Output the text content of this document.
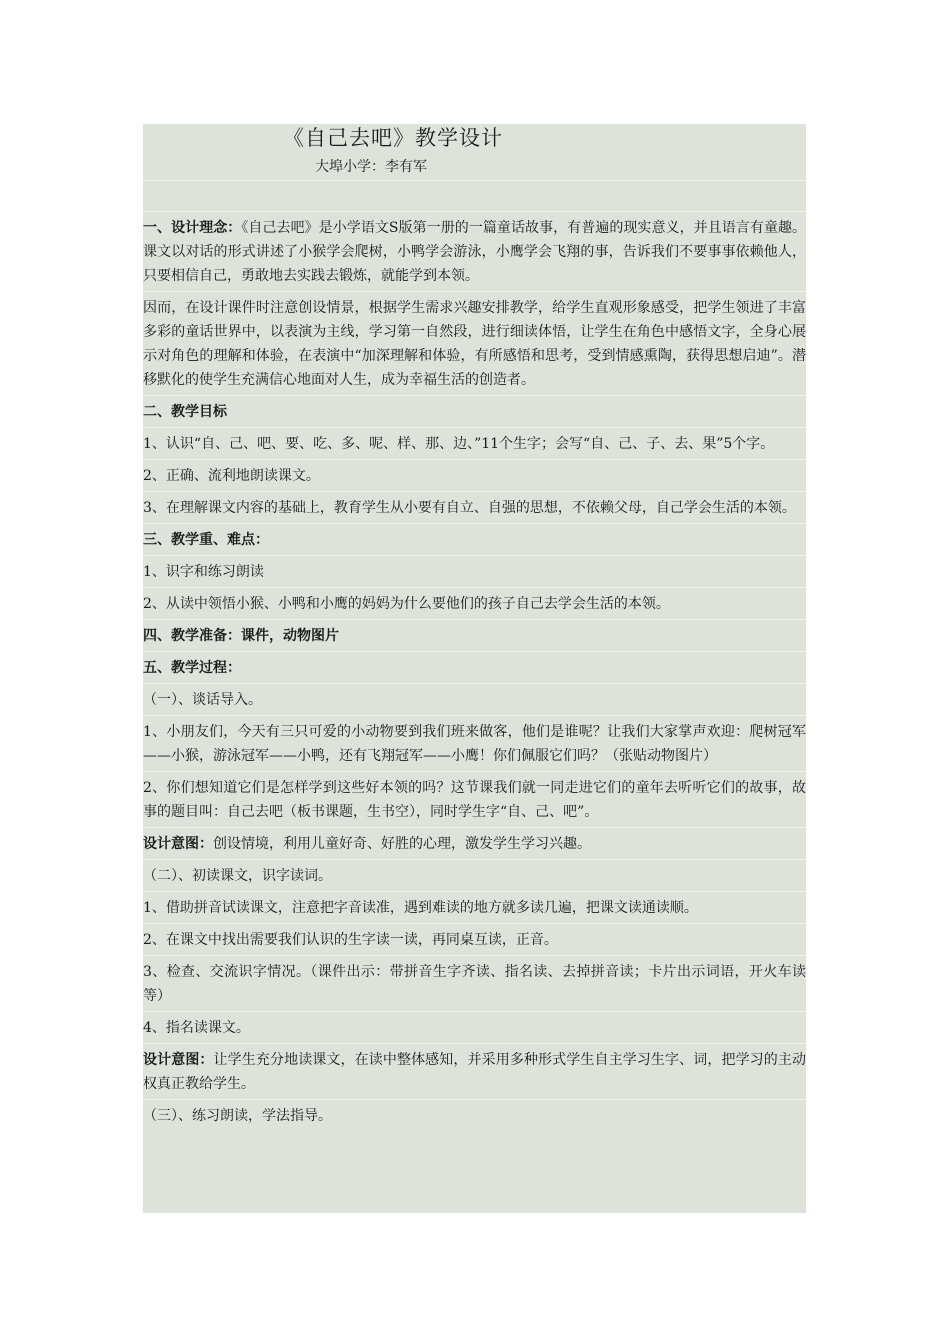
《自己去吧》教学设计
大埠小学：李有军
一、设计理念：《自己去吧》是小学语文S版第一册的一篇童话故事，有普遍的现实意义，并且语言有童趣。课文以对话的形式讲述了小猴学会爬树，小鸭学会游泳，小鹰学会飞翔的事，告诉我们不要事事依赖他人，只要相信自己，勇敢地去实践去锻炼，就能学到本领。
因而，在设计课件时注意创设情景，根据学生需求兴趣安排教学，给学生直观形象感受，把学生领进了丰富多彩的童话世界中，以表演为主线，学习第一自然段，进行细读体悟，让学生在角色中感悟文字，全身心展示对角色的理解和体验，在表演中“加深理解和体验，有所感悟和思考，受到情感熏陶，获得思想启迪”。潜移默化的使学生充满信心地面对人生，成为幸福生活的创造者。
二、教学目标
1、认识“自、己、吧、要、吃、多、呢、样、那、边、”11个生字；会写“自、己、子、去、果”5个字。
2、正确、流利地朗读课文。
3、在理解课文内容的基础上，教育学生从小要有自立、自强的思想，不依赖父母，自己学会生活的本领。
三、教学重、难点：
1、识字和练习朗读
2、从读中领悟小猴、小鸭和小鹰的妈妈为什么要他们的孩子自己去学会生活的本领。
四、教学准备：课件，动物图片
五、教学过程：
（一）、谈话导入。
1、小朋友们，今天有三只可爱的小动物要到我们班来做客，他们是谁呢？让我们大家掌声欢迎：爬树冠军——小猴，游泳冠军——小鸭，还有飞翔冠军——小鹰！你们佩服它们吗？（张贴动物图片）
2、你们想知道它们是怎样学到这些好本领的吗？这节课我们就一同走进它们的童年去听听它们的故事，故事的题目叫：自己去吧（板书课题，生书空），同时学生字“自、己、吧”。
设计意图：创设情境，利用儿童好奇、好胜的心理，激发学生学习兴趣。
（二）、初读课文，识字读词。
1、借助拼音试读课文，注意把字音读准，遇到难读的地方就多读几遍，把课文读通读顺。
2、在课文中找出需要我们认识的生字读一读，再同桌互读，正音。
3、检查、交流识字情况。（课件出示：带拼音生字齐读、指名读、去掉拼音读；卡片出示词语，开火车读等）
4、指名读课文。
设计意图：让学生充分地读课文，在读中整体感知，并采用多种形式学生自主学习生字、词，把学习的主动权真正教给学生。
（三）、练习朗读，学法指导。
